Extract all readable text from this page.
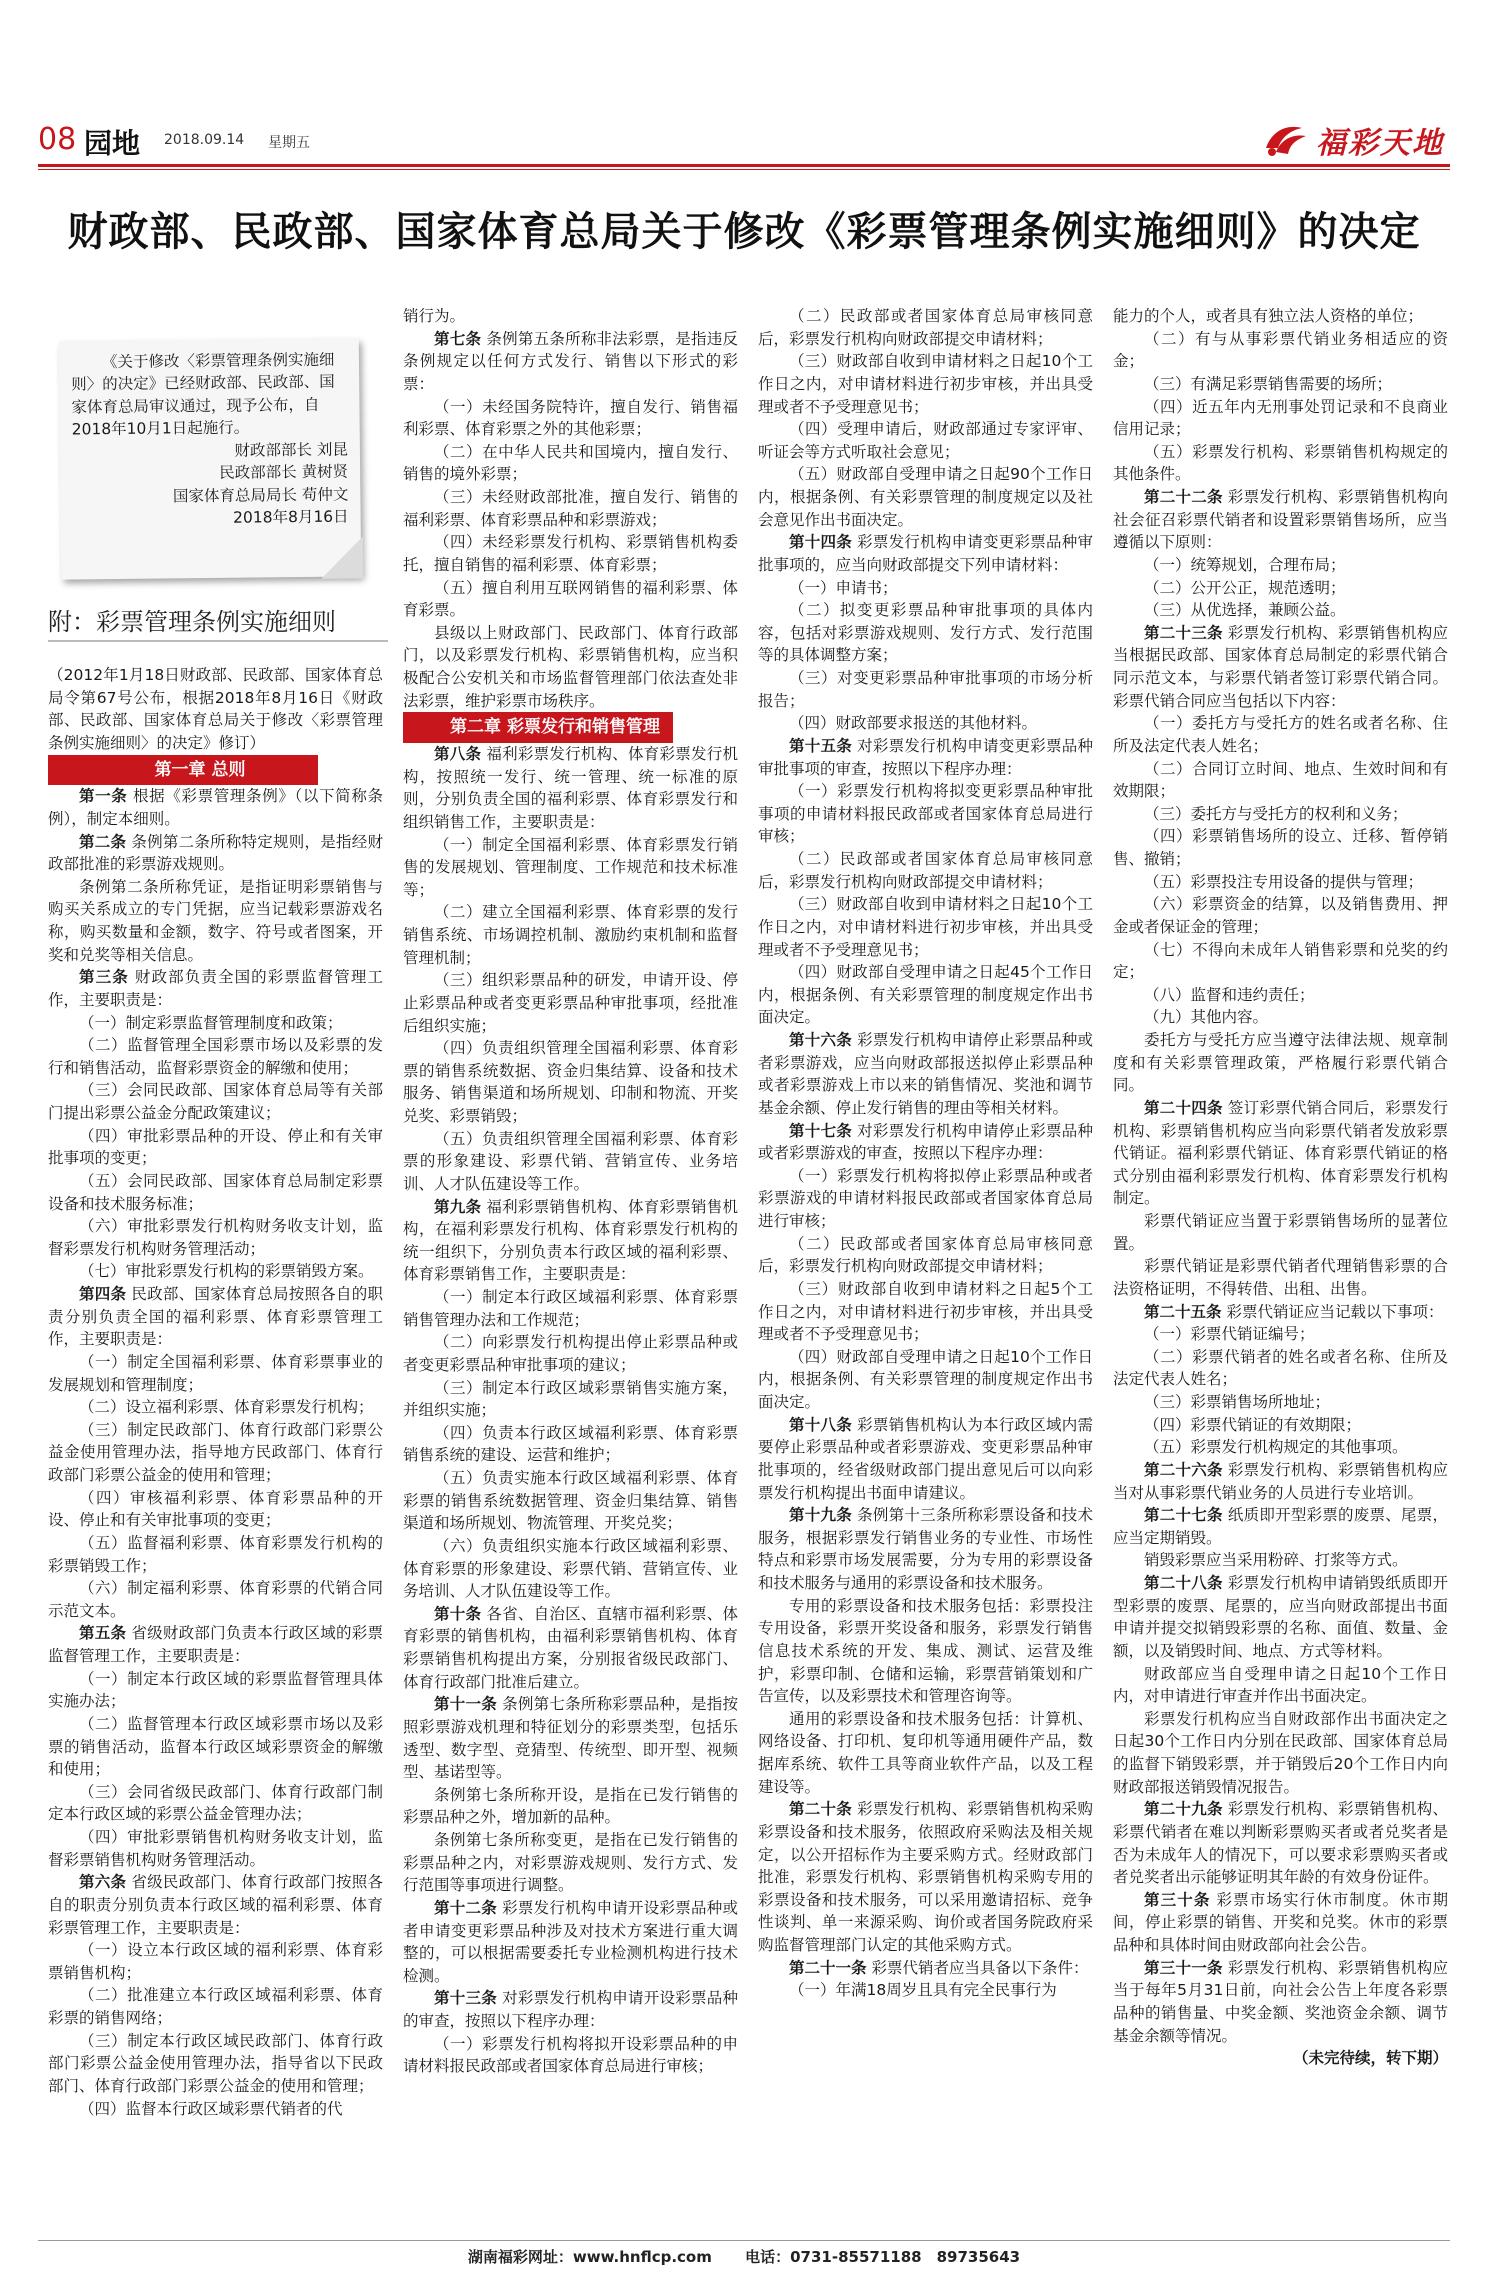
08 园地 2018.09.14 星期五	福彩天地
财政部、民政部、国家体育总局关于修改《彩票管理条例实施细则》的决定

《关于修改〈彩票管理条例实施细则〉的决定》已经财政部、民政部、国家体育总局审议通过，现予公布，自2018年10月1日起施行。

财政部部长 刘昆

民政部部长 黄树贤

国家体育总局局长 苟仲文

2018年8月16日

附：彩票管理条例实施细则

（2012年1月18日财政部、民政部、国家体育总局令第67号公布，根据2018年8月16日《财政部、民政部、国家体育总局关于修改〈彩票管理条例实施细则〉的决定》修订）

第一章 总则

第一条 根据《彩票管理条例》（以下简称条例），制定本细则。

第二条 条例第二条所称特定规则，是指经财政部批准的彩票游戏规则。

条例第二条所称凭证，是指证明彩票销售与购买关系成立的专门凭据，应当记载彩票游戏名称，购买数量和金额，数字、符号或者图案，开奖和兑奖等相关信息。

第三条 财政部负责全国的彩票监督管理工作，主要职责是：

（一）制定彩票监督管理制度和政策；

（二）监督管理全国彩票市场以及彩票的发行和销售活动，监督彩票资金的解缴和使用；

（三）会同民政部、国家体育总局等有关部门提出彩票公益金分配政策建议；

（四）审批彩票品种的开设、停止和有关审批事项的变更；

（五）会同民政部、国家体育总局制定彩票设备和技术服务标准；

（六）审批彩票发行机构财务收支计划，监督彩票发行机构财务管理活动；

（七）审批彩票发行机构的彩票销毁方案。

第四条 民政部、国家体育总局按照各自的职责分别负责全国的福利彩票、体育彩票管理工作，主要职责是：

（一）制定全国福利彩票、体育彩票事业的发展规划和管理制度；

（二）设立福利彩票、体育彩票发行机构；

（三）制定民政部门、体育行政部门彩票公益金使用管理办法，指导地方民政部门、体育行政部门彩票公益金的使用和管理；

（四）审核福利彩票、体育彩票品种的开设、停止和有关审批事项的变更；

（五）监督福利彩票、体育彩票发行机构的彩票销毁工作；

（六）制定福利彩票、体育彩票的代销合同示范文本。

第五条 省级财政部门负责本行政区域的彩票监督管理工作，主要职责是：

（一）制定本行政区域的彩票监督管理具体实施办法；

（二）监督管理本行政区域彩票市场以及彩票的销售活动，监督本行政区域彩票资金的解缴和使用；

（三）会同省级民政部门、体育行政部门制定本行政区域的彩票公益金管理办法；

（四）审批彩票销售机构财务收支计划，监督彩票销售机构财务管理活动。

第六条 省级民政部门、体育行政部门按照各自的职责分别负责本行政区域的福利彩票、体育彩票管理工作，主要职责是：

（一）设立本行政区域的福利彩票、体育彩票销售机构；

（二）批准建立本行政区域福利彩票、体育彩票的销售网络；

（三）制定本行政区域民政部门、体育行政部门彩票公益金使用管理办法，指导省以下民政部门、体育行政部门彩票公益金的使用和管理；

（四）监督本行政区域彩票代销者的代

销行为。

第七条 条例第五条所称非法彩票，是指违反条例规定以任何方式发行、销售以下形式的彩票：

（一）未经国务院特许，擅自发行、销售福利彩票、体育彩票之外的其他彩票；

（二）在中华人民共和国境内，擅自发行、销售的境外彩票；

（三）未经财政部批准，擅自发行、销售的福利彩票、体育彩票品种和彩票游戏；

（四）未经彩票发行机构、彩票销售机构委托，擅自销售的福利彩票、体育彩票；

（五）擅自利用互联网销售的福利彩票、体育彩票。

县级以上财政部门、民政部门、体育行政部门，以及彩票发行机构、彩票销售机构，应当积极配合公安机关和市场监督管理部门依法查处非法彩票，维护彩票市场秩序。

第二章 彩票发行和销售管理

第八条 福利彩票发行机构、体育彩票发行机构，按照统一发行、统一管理、统一标准的原则，分别负责全国的福利彩票、体育彩票发行和组织销售工作，主要职责是：

（一）制定全国福利彩票、体育彩票发行销售的发展规划、管理制度、工作规范和技术标准等；

（二）建立全国福利彩票、体育彩票的发行销售系统、市场调控机制、激励约束机制和监督管理机制；

（三）组织彩票品种的研发，申请开设、停止彩票品种或者变更彩票品种审批事项，经批准后组织实施；

（四）负责组织管理全国福利彩票、体育彩票的销售系统数据、资金归集结算、设备和技术服务、销售渠道和场所规划、印制和物流、开奖兑奖、彩票销毁；

（五）负责组织管理全国福利彩票、体育彩票的形象建设、彩票代销、营销宣传、业务培训、人才队伍建设等工作。

第九条 福利彩票销售机构、体育彩票销售机构，在福利彩票发行机构、体育彩票发行机构的统一组织下，分别负责本行政区域的福利彩票、体育彩票销售工作，主要职责是：

（一）制定本行政区域福利彩票、体育彩票销售管理办法和工作规范；

（二）向彩票发行机构提出停止彩票品种或者变更彩票品种审批事项的建议；

（三）制定本行政区域彩票销售实施方案，并组织实施；

（四）负责本行政区域福利彩票、体育彩票销售系统的建设、运营和维护；

（五）负责实施本行政区域福利彩票、体育彩票的销售系统数据管理、资金归集结算、销售渠道和场所规划、物流管理、开奖兑奖；

（六）负责组织实施本行政区域福利彩票、体育彩票的形象建设、彩票代销、营销宣传、业务培训、人才队伍建设等工作。

第十条 各省、自治区、直辖市福利彩票、体育彩票的销售机构，由福利彩票销售机构、体育彩票销售机构提出方案，分别报省级民政部门、体育行政部门批准后建立。

第十一条 条例第七条所称彩票品种，是指按照彩票游戏机理和特征划分的彩票类型，包括乐透型、数字型、竞猜型、传统型、即开型、视频型、基诺型等。

条例第七条所称开设，是指在已发行销售的彩票品种之外，增加新的品种。

条例第七条所称变更，是指在已发行销售的彩票品种之内，对彩票游戏规则、发行方式、发行范围等事项进行调整。

第十二条 彩票发行机构申请开设彩票品种或者申请变更彩票品种涉及对技术方案进行重大调整的，可以根据需要委托专业检测机构进行技术检测。

第十三条 对彩票发行机构申请开设彩票品种的审查，按照以下程序办理：

（一）彩票发行机构将拟开设彩票品种的申请材料报民政部或者国家体育总局进行审核；

（二）民政部或者国家体育总局审核同意后，彩票发行机构向财政部提交申请材料；

（三）财政部自收到申请材料之日起10个工作日之内，对申请材料进行初步审核，并出具受理或者不予受理意见书；

（四）受理申请后，财政部通过专家评审、听证会等方式听取社会意见；

（五）财政部自受理申请之日起90个工作日内，根据条例、有关彩票管理的制度规定以及社会意见作出书面决定。

第十四条 彩票发行机构申请变更彩票品种审批事项的，应当向财政部提交下列申请材料：

（一）申请书；

（二）拟变更彩票品种审批事项的具体内容，包括对彩票游戏规则、发行方式、发行范围等的具体调整方案；

（三）对变更彩票品种审批事项的市场分析报告；

（四）财政部要求报送的其他材料。

第十五条 对彩票发行机构申请变更彩票品种审批事项的审查，按照以下程序办理：

（一）彩票发行机构将拟变更彩票品种审批事项的申请材料报民政部或者国家体育总局进行审核；

（二）民政部或者国家体育总局审核同意后，彩票发行机构向财政部提交申请材料；

（三）财政部自收到申请材料之日起10个工作日之内，对申请材料进行初步审核，并出具受理或者不予受理意见书；

（四）财政部自受理申请之日起45个工作日内，根据条例、有关彩票管理的制度规定作出书面决定。

第十六条 彩票发行机构申请停止彩票品种或者彩票游戏，应当向财政部报送拟停止彩票品种或者彩票游戏上市以来的销售情况、奖池和调节基金余额、停止发行销售的理由等相关材料。

第十七条 对彩票发行机构申请停止彩票品种或者彩票游戏的审查，按照以下程序办理：

（一）彩票发行机构将拟停止彩票品种或者彩票游戏的申请材料报民政部或者国家体育总局进行审核；

（二）民政部或者国家体育总局审核同意后，彩票发行机构向财政部提交申请材料；

（三）财政部自收到申请材料之日起5个工作日之内，对申请材料进行初步审核，并出具受理或者不予受理意见书；

（四）财政部自受理申请之日起10个工作日内，根据条例、有关彩票管理的制度规定作出书面决定。

第十八条 彩票销售机构认为本行政区域内需要停止彩票品种或者彩票游戏、变更彩票品种审批事项的，经省级财政部门提出意见后可以向彩票发行机构提出书面申请建议。

第十九条 条例第十三条所称彩票设备和技术服务，根据彩票发行销售业务的专业性、市场性特点和彩票市场发展需要，分为专用的彩票设备和技术服务与通用的彩票设备和技术服务。

专用的彩票设备和技术服务包括：彩票投注专用设备，彩票开奖设备和服务，彩票发行销售信息技术系统的开发、集成、测试、运营及维护，彩票印制、仓储和运输，彩票营销策划和广告宣传，以及彩票技术和管理咨询等。

通用的彩票设备和技术服务包括：计算机、网络设备、打印机、复印机等通用硬件产品，数据库系统、软件工具等商业软件产品，以及工程建设等。

第二十条 彩票发行机构、彩票销售机构采购彩票设备和技术服务，依照政府采购法及相关规定，以公开招标作为主要采购方式。经财政部门批准，彩票发行机构、彩票销售机构采购专用的彩票设备和技术服务，可以采用邀请招标、竞争性谈判、单一来源采购、询价或者国务院政府采购监督管理部门认定的其他采购方式。

第二十一条 彩票代销者应当具备以下条件：

（一）年满18周岁且具有完全民事行为

能力的个人，或者具有独立法人资格的单位；

（二）有与从事彩票代销业务相适应的资金；

（三）有满足彩票销售需要的场所；

（四）近五年内无刑事处罚记录和不良商业信用记录；

（五）彩票发行机构、彩票销售机构规定的其他条件。

第二十二条 彩票发行机构、彩票销售机构向社会征召彩票代销者和设置彩票销售场所，应当遵循以下原则：

（一）统筹规划，合理布局；

（二）公开公正，规范透明；

（三）从优选择，兼顾公益。

第二十三条 彩票发行机构、彩票销售机构应当根据民政部、国家体育总局制定的彩票代销合同示范文本，与彩票代销者签订彩票代销合同。彩票代销合同应当包括以下内容：

（一）委托方与受托方的姓名或者名称、住所及法定代表人姓名；

（二）合同订立时间、地点、生效时间和有效期限；

（三）委托方与受托方的权利和义务；

（四）彩票销售场所的设立、迁移、暂停销售、撤销；

（五）彩票投注专用设备的提供与管理；

（六）彩票资金的结算，以及销售费用、押金或者保证金的管理；

（七）不得向未成年人销售彩票和兑奖的约定；

（八）监督和违约责任；

（九）其他内容。

委托方与受托方应当遵守法律法规、规章制度和有关彩票管理政策，严格履行彩票代销合同。

第二十四条 签订彩票代销合同后，彩票发行机构、彩票销售机构应当向彩票代销者发放彩票代销证。福利彩票代销证、体育彩票代销证的格式分别由福利彩票发行机构、体育彩票发行机构制定。

彩票代销证应当置于彩票销售场所的显著位置。

彩票代销证是彩票代销者代理销售彩票的合法资格证明，不得转借、出租、出售。

第二十五条 彩票代销证应当记载以下事项：

（一）彩票代销证编号；

（二）彩票代销者的姓名或者名称、住所及法定代表人姓名；

（三）彩票销售场所地址；

（四）彩票代销证的有效期限；

（五）彩票发行机构规定的其他事项。

第二十六条 彩票发行机构、彩票销售机构应当对从事彩票代销业务的人员进行专业培训。

第二十七条 纸质即开型彩票的废票、尾票，应当定期销毁。

销毁彩票应当采用粉碎、打浆等方式。

第二十八条 彩票发行机构申请销毁纸质即开型彩票的废票、尾票的，应当向财政部提出书面申请并提交拟销毁彩票的名称、面值、数量、金额，以及销毁时间、地点、方式等材料。

财政部应当自受理申请之日起10个工作日内，对申请进行审查并作出书面决定。

彩票发行机构应当自财政部作出书面决定之日起30个工作日内分别在民政部、国家体育总局的监督下销毁彩票，并于销毁后20个工作日内向财政部报送销毁情况报告。

第二十九条 彩票发行机构、彩票销售机构、彩票代销者在难以判断彩票购买者或者兑奖者是否为未成年人的情况下，可以要求彩票购买者或者兑奖者出示能够证明其年龄的有效身份证件。

第三十条 彩票市场实行休市制度。休市期间，停止彩票的销售、开奖和兑奖。休市的彩票品种和具体时间由财政部向社会公告。

第三十一条 彩票发行机构、彩票销售机构应当于每年5月31日前，向社会公告上年度各彩票品种的销售量、中奖金额、奖池资金余额、调节基金余额等情况。

（未完待续，转下期）

湖南福彩网址：www.hnflcp.com 电话：0731-85571188　89735643
